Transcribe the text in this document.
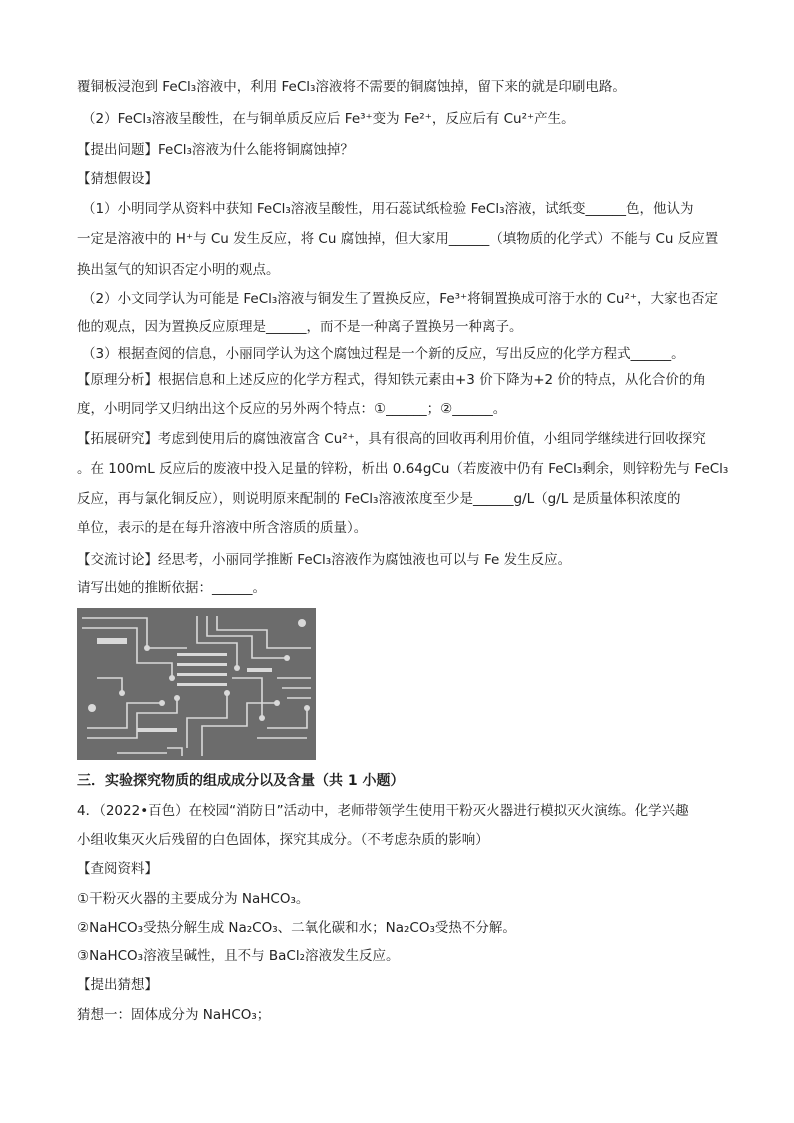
覆铜板浸泡到 FeCl₃溶液中，利用 FeCl₃溶液将不需要的铜腐蚀掉，留下来的就是印刷电路。
（2）FeCl₃溶液呈酸性，在与铜单质反应后 Fe³⁺变为 Fe²⁺，反应后有 Cu²⁺产生。
【提出问题】FeCl₃溶液为什么能将铜腐蚀掉？
【猜想假设】
（1）小明同学从资料中获知 FeCl₃溶液呈酸性，用石蕊试纸检验 FeCl₃溶液，试纸变______色，他认为
一定是溶液中的 H⁺与 Cu 发生反应，将 Cu 腐蚀掉，但大家用______（填物质的化学式）不能与 Cu 反应置
换出氢气的知识否定小明的观点。
（2）小文同学认为可能是 FeCl₃溶液与铜发生了置换反应，Fe³⁺将铜置换成可溶于水的 Cu²⁺，大家也否定
他的观点，因为置换反应原理是______，而不是一种离子置换另一种离子。
（3）根据查阅的信息，小丽同学认为这个腐蚀过程是一个新的反应，写出反应的化学方程式______。
【原理分析】根据信息和上述反应的化学方程式，得知铁元素由+3 价下降为+2 价的特点，从化合价的角
度，小明同学又归纳出这个反应的另外两个特点：①______；②______。
【拓展研究】考虑到使用后的腐蚀液富含 Cu²⁺，具有很高的回收再利用价值，小组同学继续进行回收探究
。在 100mL 反应后的废液中投入足量的锌粉，析出 0.64gCu（若废液中仍有 FeCl₃剩余，则锌粉先与 FeCl₃
反应，再与氯化铜反应），则说明原来配制的 FeCl₃溶液浓度至少是______g/L（g/L 是质量体积浓度的
单位，表示的是在每升溶液中所含溶质的质量）。
【交流讨论】经思考，小丽同学推断 FeCl₃溶液作为腐蚀液也可以与 Fe 发生反应。
请写出她的推断依据：______。
三．实验探究物质的组成成分以及含量（共 1 小题）
4．（2022•百色）在校园“消防日”活动中，老师带领学生使用干粉灭火器进行模拟灭火演练。化学兴趣
小组收集灭火后残留的白色固体，探究其成分。（不考虑杂质的影响）
【查阅资料】
①干粉灭火器的主要成分为 NaHCO₃。
②NaHCO₃受热分解生成 Na₂CO₃、二氧化碳和水；Na₂CO₃受热不分解。
③NaHCO₃溶液呈碱性，且不与 BaCl₂溶液发生反应。
【提出猜想】
猜想一：固体成分为 NaHCO₃；
